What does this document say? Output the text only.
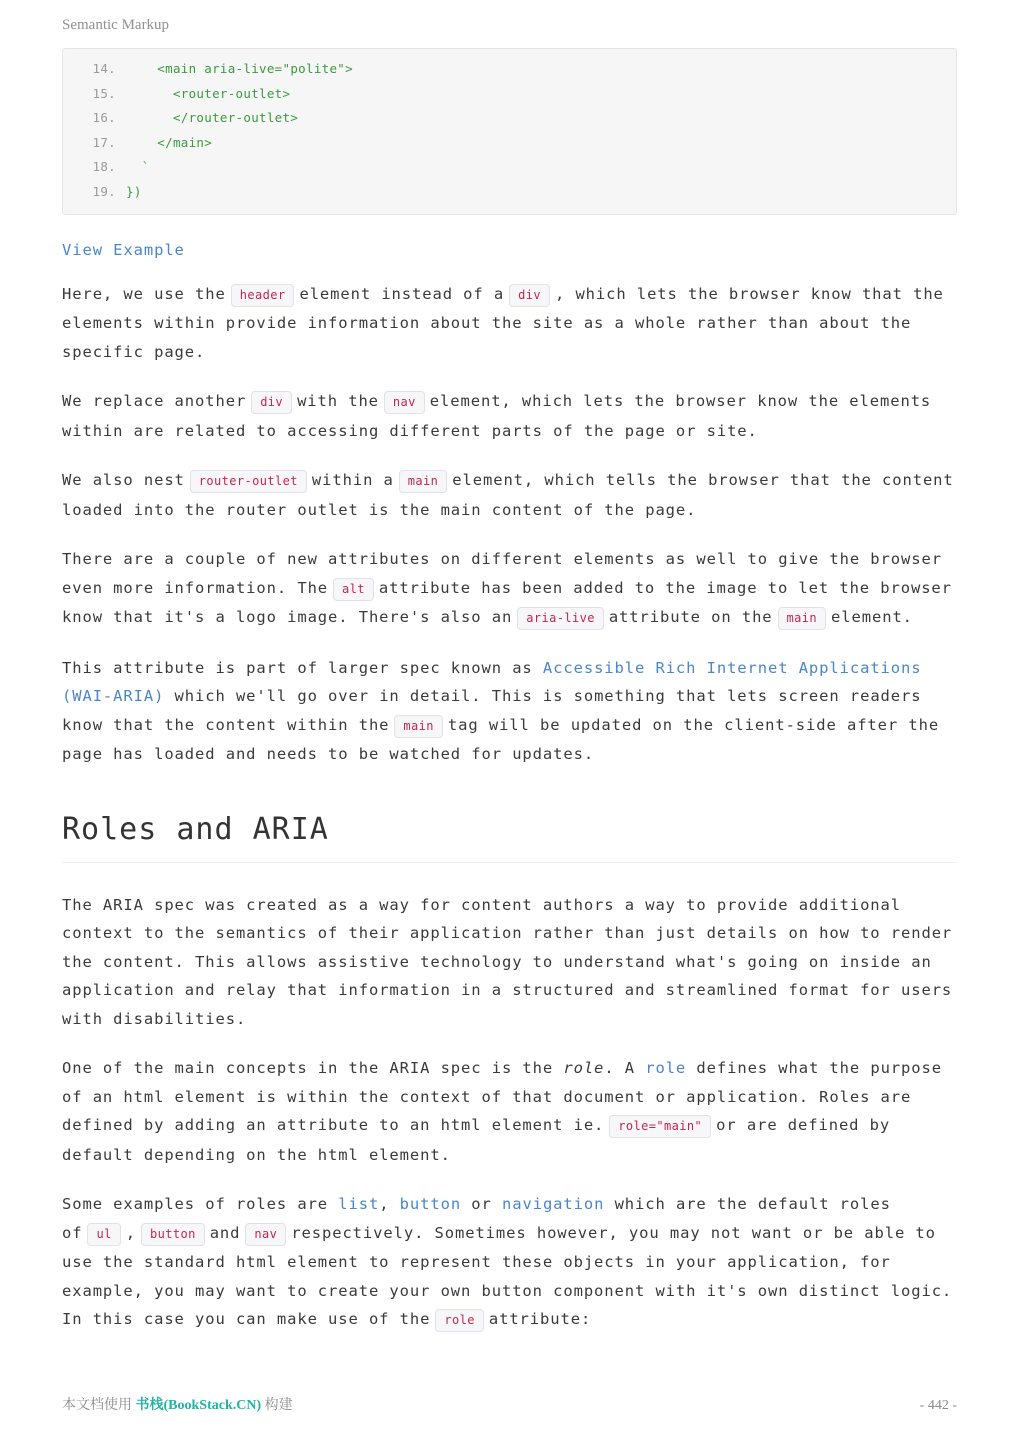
Semantic Markup
14. <main aria-live="polite">
15. <router-outlet>
16. </router-outlet>
17. </main>
18. `
19. })
View Example

Here, we use the header element instead of a div , which lets the browser know that the elements within provide information about the site as a whole rather than about the specific page.

We replace another div with the nav element, which lets the browser know the elements within are related to accessing different parts of the page or site.

We also nest router-outlet within a main element, which tells the browser that the content loaded into the router outlet is the main content of the page.

There are a couple of new attributes on different elements as well to give the browser even more information. The alt attribute has been added to the image to let the browser know that it's a logo image. There's also an aria-live attribute on the main element.

This attribute is part of larger spec known as Accessible Rich Internet Applications (WAI-ARIA) which we'll go over in detail. This is something that lets screen readers know that the content within the main tag will be updated on the client-side after the page has loaded and needs to be watched for updates.

Roles and ARIA

The ARIA spec was created as a way for content authors a way to provide additional context to the semantics of their application rather than just details on how to render the content. This allows assistive technology to understand what's going on inside an application and relay that information in a structured and streamlined format for users with disabilities.

One of the main concepts in the ARIA spec is the role. A role defines what the purpose of an html element is within the context of that document or application. Roles are defined by adding an attribute to an html element ie. role="main" or are defined by default depending on the html element.

Some examples of roles are list, button or navigation which are the default roles of ul , button and nav respectively. Sometimes however, you may not want or be able to use the standard html element to represent these objects in your application, for example, you may want to create your own button component with it's own distinct logic. In this case you can make use of the role attribute:

本文档使用 书栈(BookStack.CN) 构建	- 442 -
